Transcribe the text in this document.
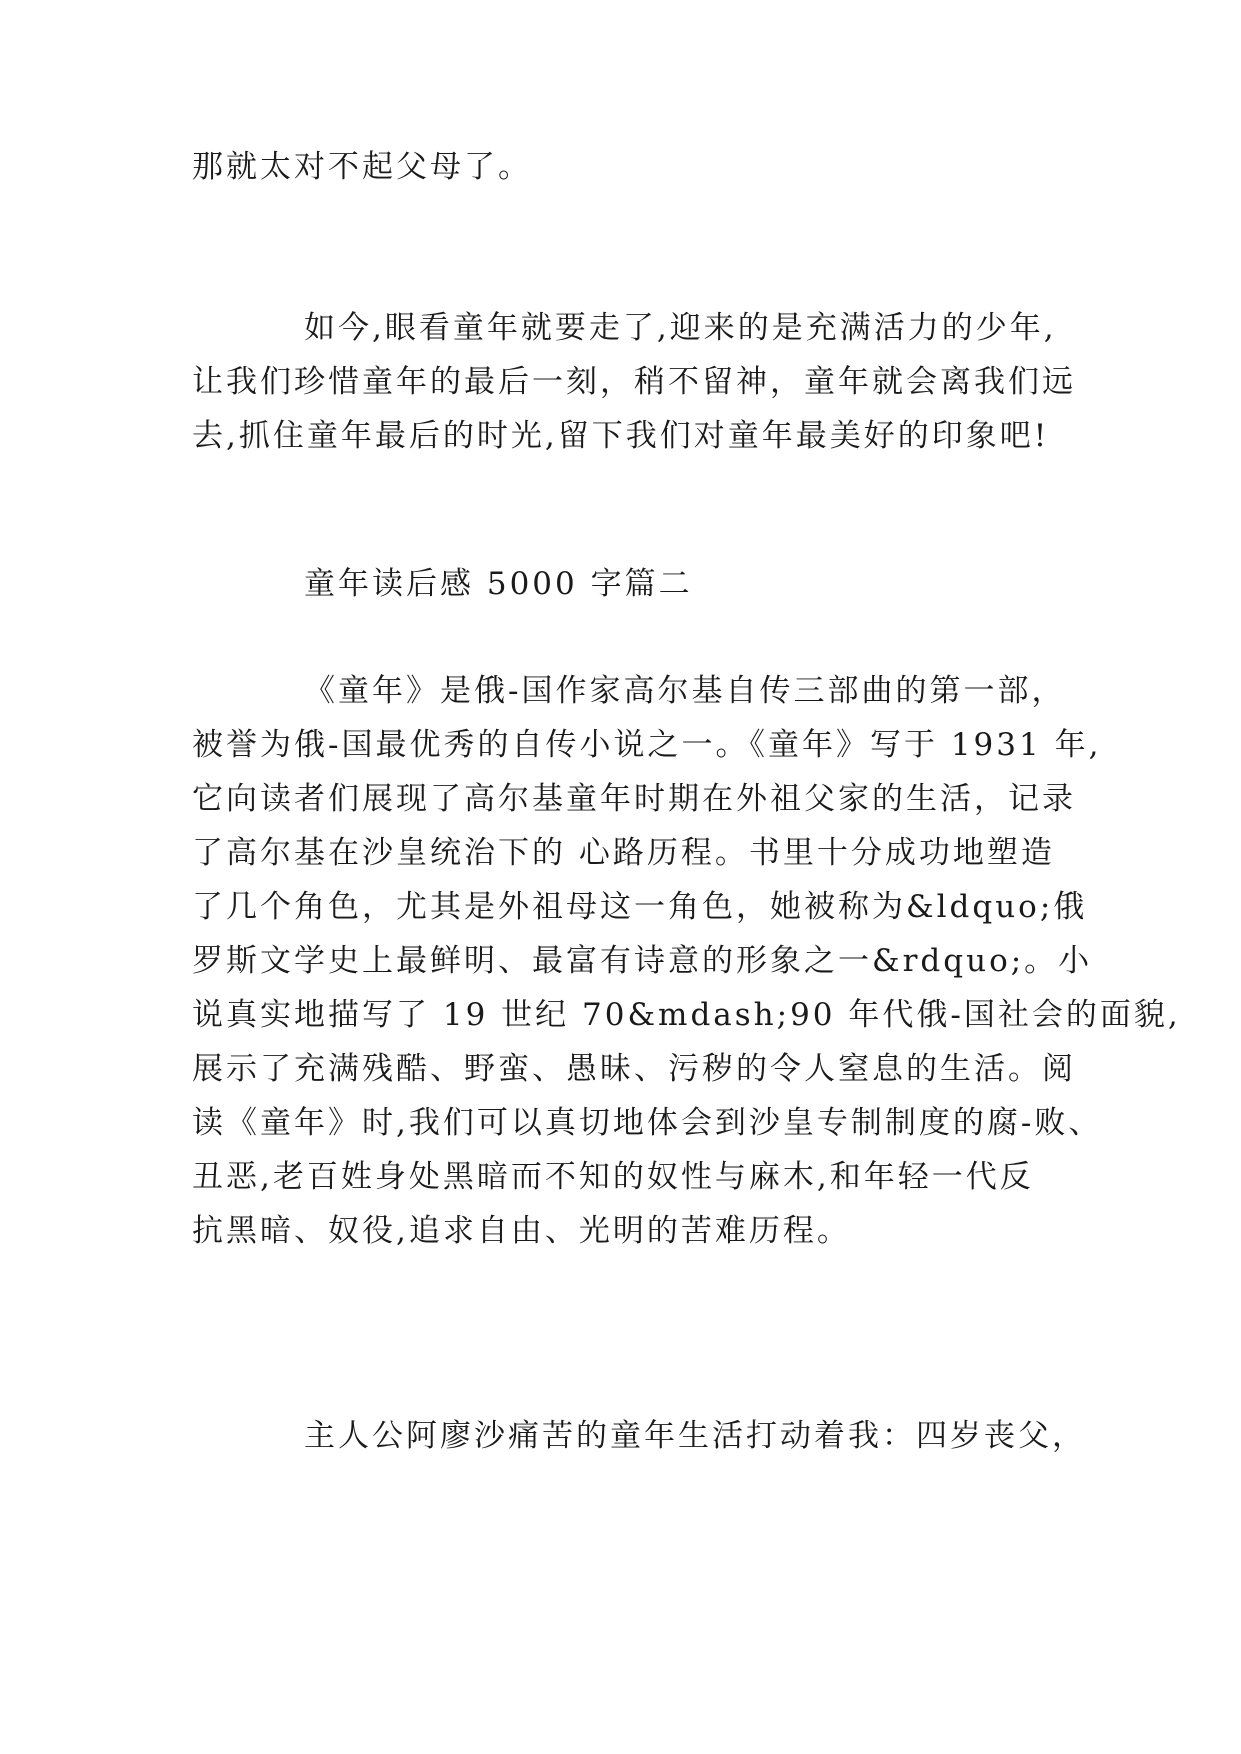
那就太对不起父母了。
如今,眼看童年就要走了,迎来的是充满活力的少年,
让我们珍惜童年的最后一刻，稍不留神，童年就会离我们远
去,抓住童年最后的时光,留下我们对童年最美好的印象吧!
童年读后感 5000 字篇二
《童年》是俄-国作家高尔基自传三部曲的第一部，
被誉为俄-国最优秀的自传小说之一。《童年》写于 1931 年,
它向读者们展现了高尔基童年时期在外祖父家的生活，记录
了高尔基在沙皇统治下的 心路历程。书里十分成功地塑造
了几个角色，尤其是外祖母这一角色，她被称为&ldquo;俄
罗斯文学史上最鲜明、最富有诗意的形象之一&rdquo;。小
说真实地描写了 19 世纪 70&mdash;90 年代俄-国社会的面貌,
展示了充满残酷、野蛮、愚昧、污秽的令人窒息的生活。阅
读《童年》时,我们可以真切地体会到沙皇专制制度的腐-败、
丑恶,老百姓身处黑暗而不知的奴性与麻木,和年轻一代反
抗黑暗、奴役,追求自由、光明的苦难历程。
主人公阿廖沙痛苦的童年生活打动着我：四岁丧父，
